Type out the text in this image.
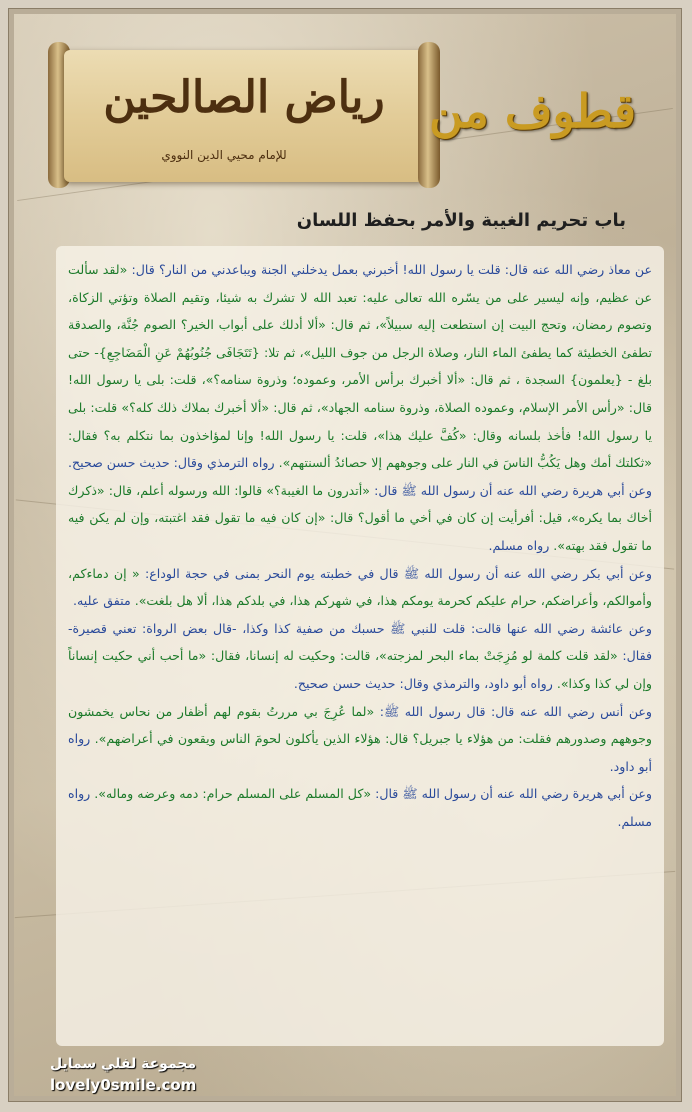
رياض الصالحين
للإمام محيي الدين النووي
قطوف من
باب تحريم الغيبة والأمر بحفظ اللسان

عن معاذ رضي الله عنه قال: قلت يا رسول الله! أخبرني بعمل يدخلني الجنة ويباعدني من النار؟ قال: «لقد سألت عن عظيم، وإنه ليسير على من يسّره الله تعالى عليه: تعبد الله لا تشرك به شيئا، وتقيم الصلاة وتؤتي الزكاة، وتصوم رمضان، وتحج البيت إن استطعت إليه سبيلاً»، ثم قال: «ألا أدلك على أبواب الخير؟ الصوم جُنَّة، والصدقة تطفئ الخطيئة كما يطفئ الماء النار، وصلاة الرجل من جوف الليل»، ثم تلا: {تَتَجَافَى جُنُوبُهُمْ عَنِ الْمَضَاجِعِ}- حتى بلغ - {يعلمون} السجدة ، ثم قال: «ألا أخبرك برأس الأمر، وعموده؛ وذروة سنامه؟»، قلت: بلى يا رسول الله! قال: «رأس الأمر الإسلام، وعموده الصلاة، وذروة سنامه الجهاد»، ثم قال: «ألا أخبرك بملاك ذلك كله؟» قلت: بلى يا رسول الله! فأخذ بلسانه وقال: «كُفَّ عليك هذا»، قلت: يا رسول الله! وإنا لمؤاخذون بما نتكلم به؟ فقال: «ثكلتك أمك وهل يَكُبُّ الناسَ في النار على وجوههم إلا حصائدُ ألسنتهم». رواه الترمذي وقال: حديث حسن صحيح.

وعن أبي هريرة رضي الله عنه أن رسول الله ﷺ قال: «أتدرون ما الغيبة؟» قالوا: الله ورسوله أعلم، قال: «ذكرك أخاك بما يكره»، قيل: أفرأيت إن كان في أخي ما أقول؟ قال: «إن كان فيه ما تقول فقد اغتبته، وإن لم يكن فيه ما تقول فقد بهته». رواه مسلم.

وعن أبي بكر رضي الله عنه أن رسول الله ﷺ قال في خطبته يوم النحر بمنى في حجة الوداع: « إن دماءكم، وأموالكم، وأعراضكم، حرام عليكم كحرمة يومكم هذا، في شهركم هذا، في بلدكم هذا، ألا هل بلغت». متفق عليه.

وعن عائشة رضي الله عنها قالت: قلت للنبي ﷺ حسبك من صفية كذا وكذا، -قال بعض الرواة: تعني قصيرة- فقال: «لقد قلت كلمة لو مُزِجَتْ بماء البحر لمزجته»، قالت: وحكيت له إنسانا، فقال: «ما أحب أني حكيت إنساناً وإن لي كذا وكذا». رواه أبو داود، والترمذي وقال: حديث حسن صحيح.

وعن أنس رضي الله عنه قال: قال رسول الله ﷺ: «لما عُرِجَ بي مررتُ بقوم لهم أظفار من نحاس يخمشون وجوههم وصدورهم فقلت: من هؤلاء يا جبريل؟ قال: هؤلاء الذين يأكلون لحومَ الناس ويقعون في أعراضهم». رواه أبو داود.

وعن أبي هريرة رضي الله عنه أن رسول الله ﷺ قال: «كل المسلم على المسلم حرام: دمه وعرضه وماله». رواه مسلم.

مجموعة لفلي سمايل
lovely0smile.com
